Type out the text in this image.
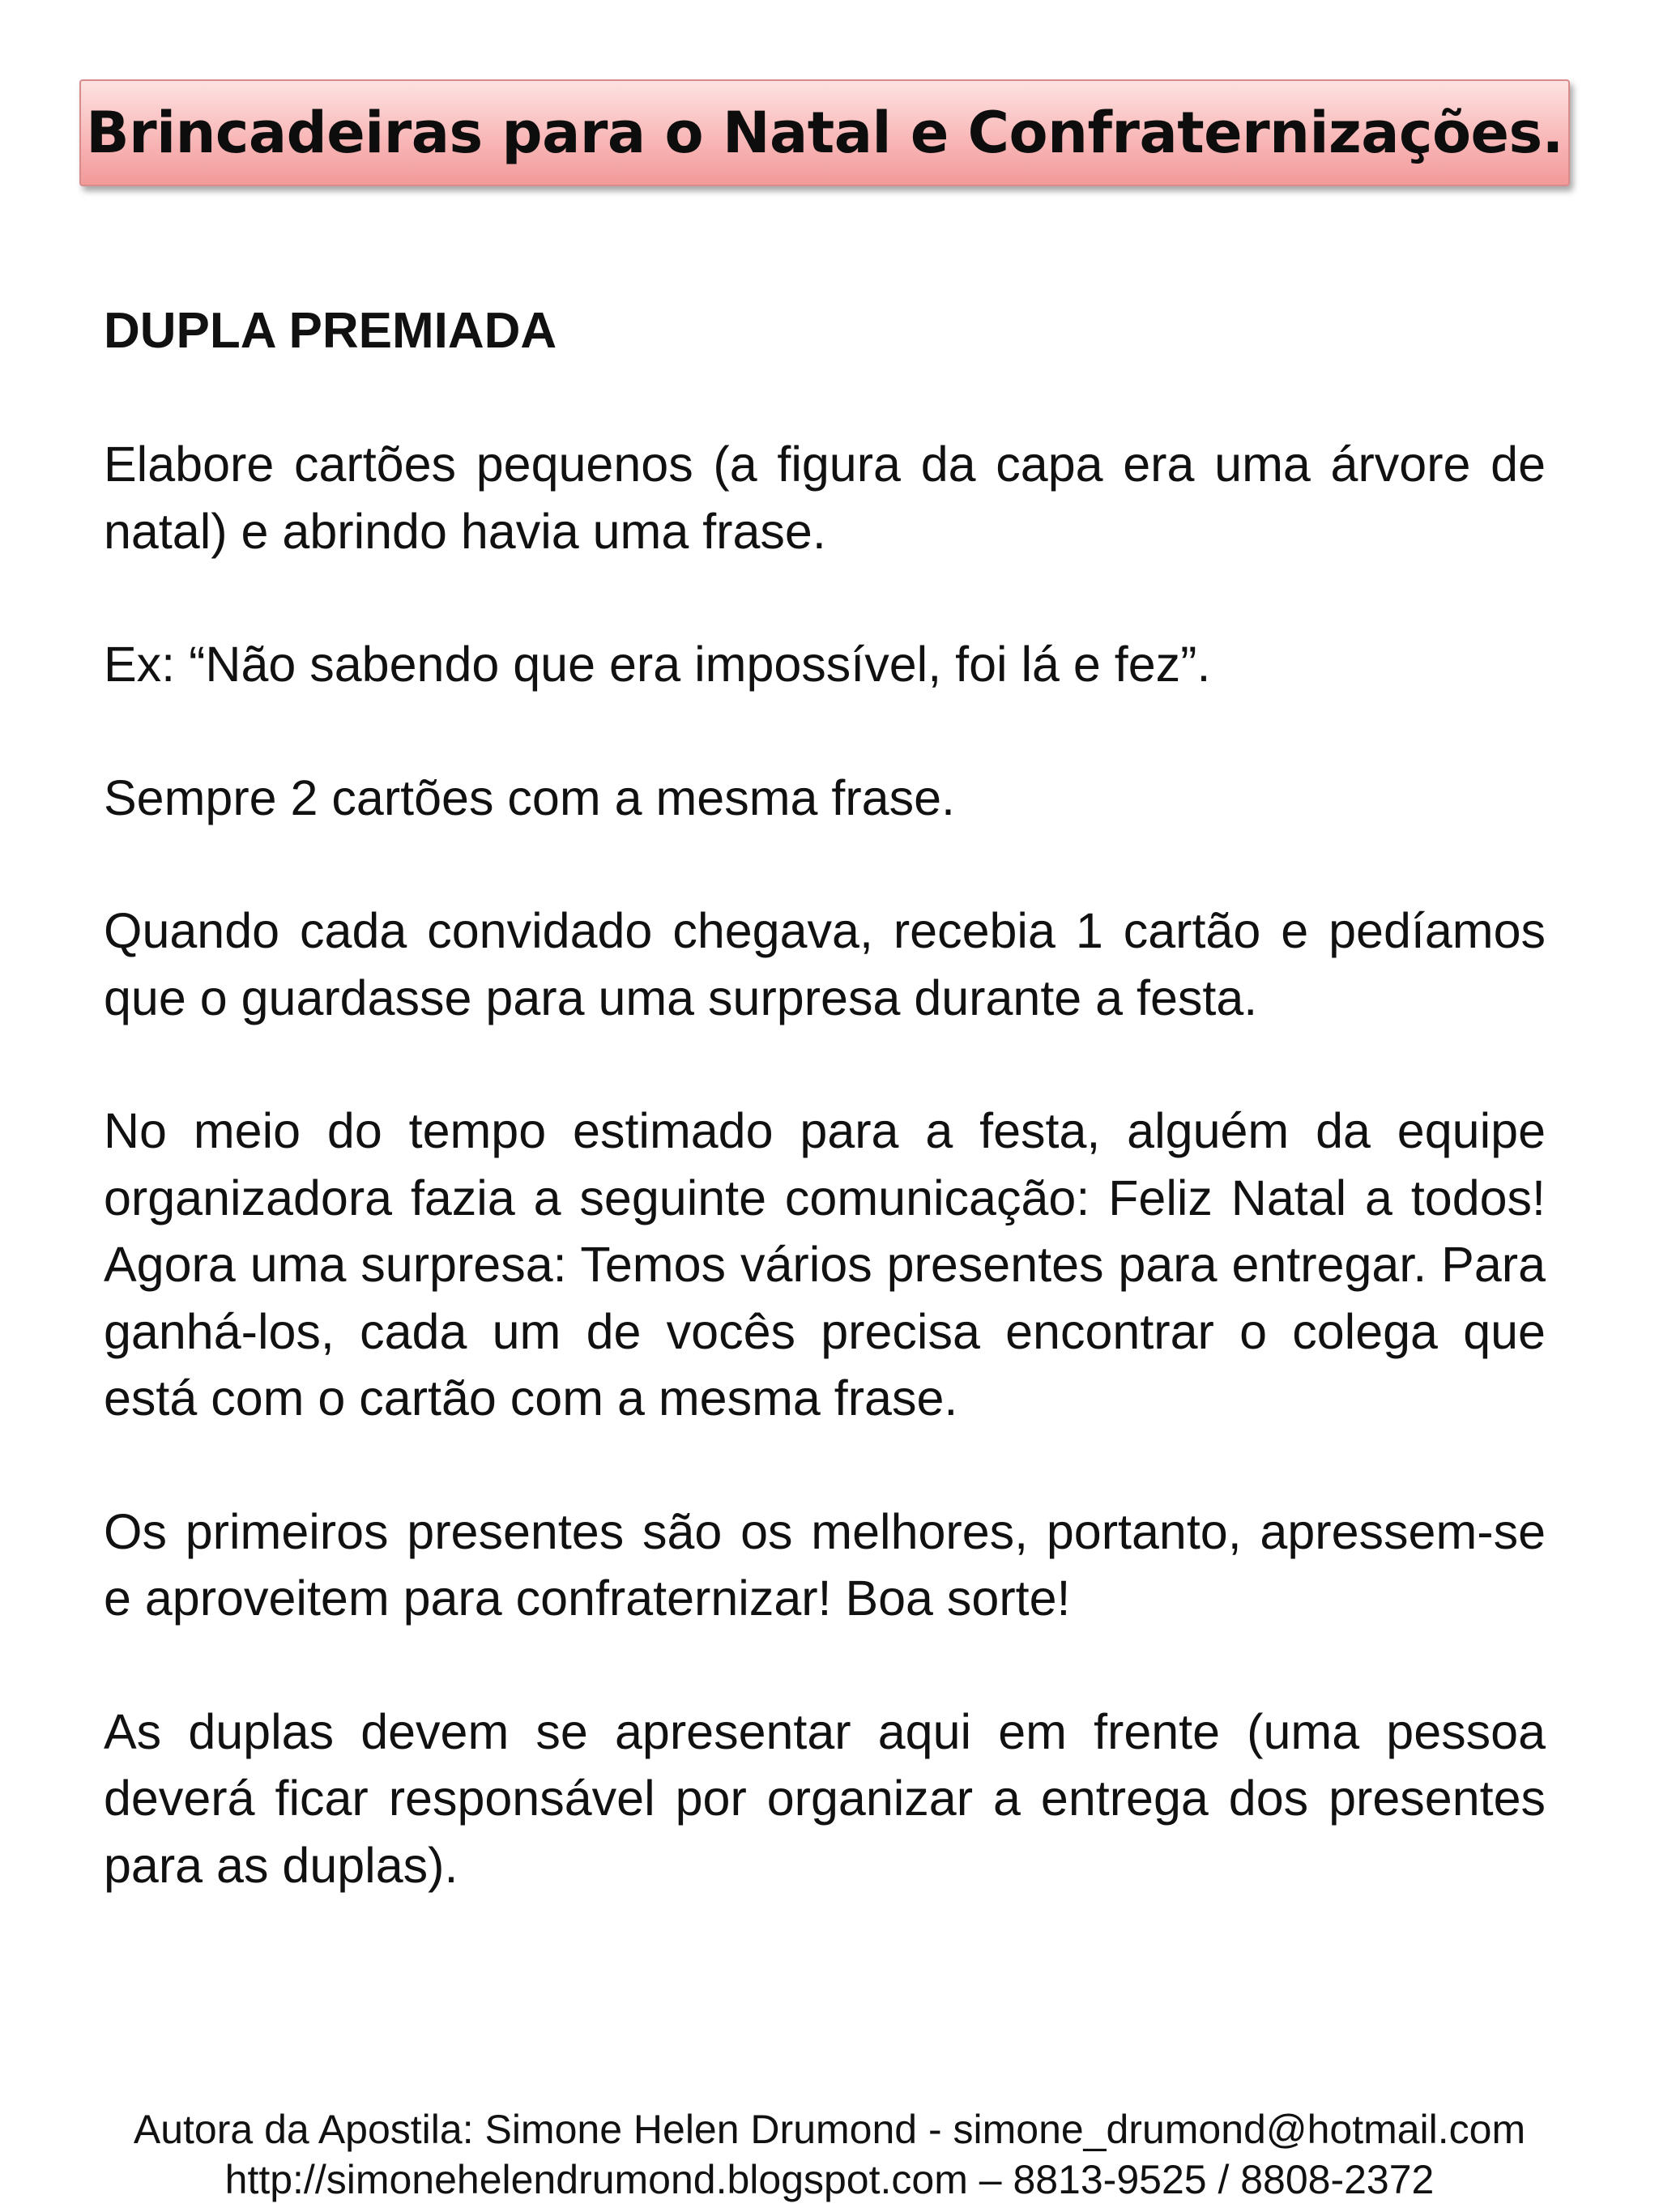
Brincadeiras para o Natal e Confraternizações.
DUPLA PREMIADA

Elabore cartões pequenos (a figura da capa era uma árvore de natal) e abrindo havia uma frase.

Ex: “Não sabendo que era impossível, foi lá e fez”.

Sempre 2 cartões com a mesma frase.

Quando cada convidado chegava, recebia 1 cartão e pedíamos que o guardasse para uma surpresa durante a festa.

No meio do tempo estimado para a festa, alguém da equipe organizadora fazia a seguinte comunicação: Feliz Natal a todos! Agora uma surpresa: Temos vários presentes para entregar. Para ganhá-los, cada um de vocês precisa encontrar o colega que está com o cartão com a mesma frase.

Os primeiros presentes são os melhores, portanto, apressem-se e aproveitem para confraternizar! Boa sorte!

As duplas devem se apresentar aqui em frente (uma pessoa deverá ficar responsável por organizar a entrega dos presentes para as duplas).

Autora da Apostila: Simone Helen Drumond - simone_drumond@hotmail.com
http://simonehelendrumond.blogspot.com – 8813-9525 / 8808-2372
